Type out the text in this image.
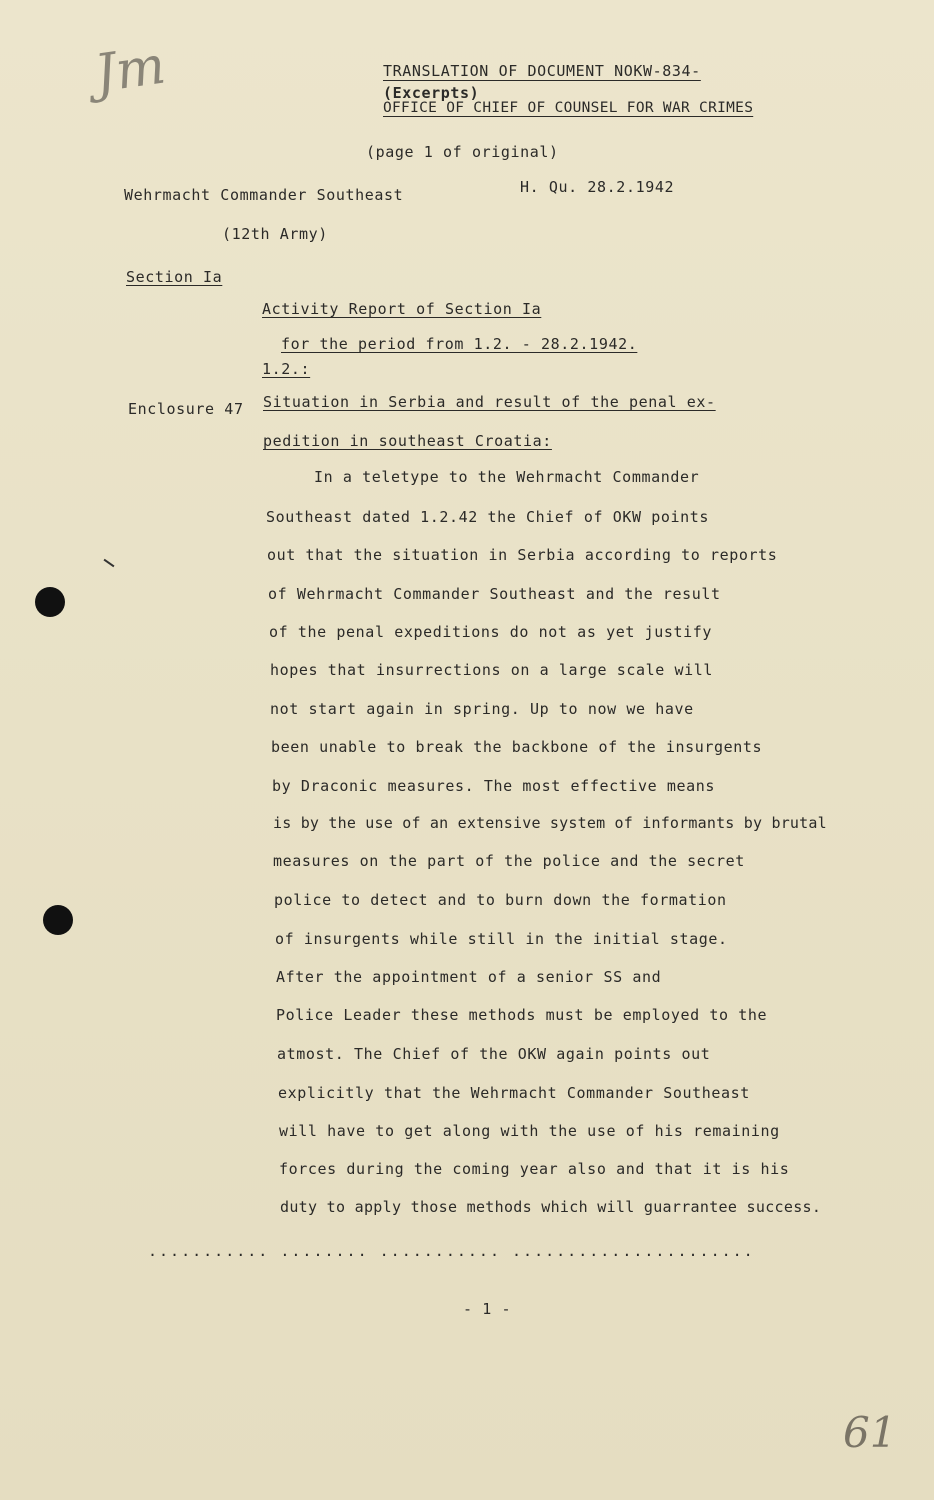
Jm	TRANSLATION OF DOCUMENT NOKW-834-
(Excerpts)
OFFICE OF CHIEF OF COUNSEL FOR WAR CRIMES
(page 1 of original)
Wehrmacht Commander Southeast	H. Qu. 28.2.1942
(12th Army)
Section Ia
Activity Report of Section Ia
for the period from 1.2. - 28.2.1942.
1.2.:
Enclosure 47 Situation in Serbia and result of the penal ex-
pedition in southeast Croatia:
In a teletype to the Wehrmacht Commander
Southeast dated 1.2.42 the Chief of OKW points
out that the situation in Serbia according to reports
of Wehrmacht Commander Southeast and the result
of the penal expeditions do not as yet justify
hopes that insurrections on a large scale will
not start again in spring. Up to now we have
been unable to break the backbone of the insurgents
by Draconic measures. The most effective means
is by the use of an extensive system of informants by brutal
measures on the part of the police and the secret
police to detect and to burn down the formation
of insurgents while still in the initial stage.
After the appointment of a senior SS and
Police Leader these methods must be employed to the
atmost. The Chief of the OKW again points out
explicitly that the Wehrmacht Commander Southeast
will have to get along with the use of his remaining
forces during the coming year also and that it is his
duty to apply those methods which will guarrantee success.
........... ........ ........... ......................
- 1 -
61
